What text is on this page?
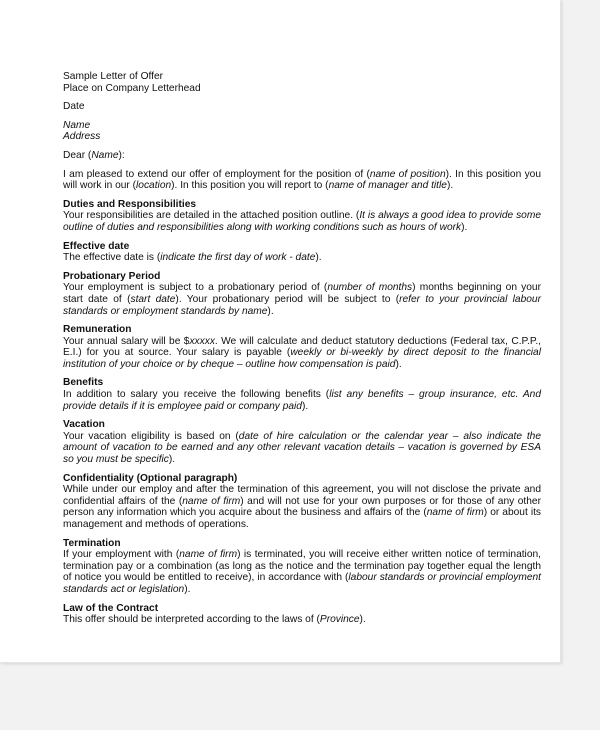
Sample Letter of Offer
Place on Company Letterhead
Date
Name
Address
Dear (Name):
I am pleased to extend our offer of employment for the position of (name of position). In this position you will work in our (location). In this position you will report to (name of manager and title).
Duties and Responsibilities
Your responsibilities are detailed in the attached position outline. (It is always a good idea to provide some outline of duties and responsibilities along with working conditions such as hours of work).
Effective date
The effective date is (indicate the first day of work - date).
Probationary Period
Your employment is subject to a probationary period of (number of months) months beginning on your start date of (start date). Your probationary period will be subject to (refer to your provincial labour standards or employment standards by name).
Remuneration
Your annual salary will be $xxxxx. We will calculate and deduct statutory deductions (Federal tax, C.P.P., E.I.) for you at source. Your salary is payable (weekly or bi-weekly by direct deposit to the financial institution of your choice or by cheque – outline how compensation is paid).
Benefits
In addition to salary you receive the following benefits (list any benefits – group insurance, etc. And provide details if it is employee paid or company paid).
Vacation
Your vacation eligibility is based on (date of hire calculation or the calendar year – also indicate the amount of vacation to be earned and any other relevant vacation details – vacation is governed by ESA so you must be specific).
Confidentiality (Optional paragraph)
While under our employ and after the termination of this agreement, you will not disclose the private and confidential affairs of the (name of firm) and will not use for your own purposes or for those of any other person any information which you acquire about the business and affairs of the (name of firm) or about its management and methods of operations.
Termination
If your employment with (name of firm) is terminated, you will receive either written notice of termination, termination pay or a combination (as long as the notice and the termination pay together equal the length of notice you would be entitled to receive), in accordance with (labour standards or provincial employment standards act or legislation).
Law of the Contract
This offer should be interpreted according to the laws of (Province).
